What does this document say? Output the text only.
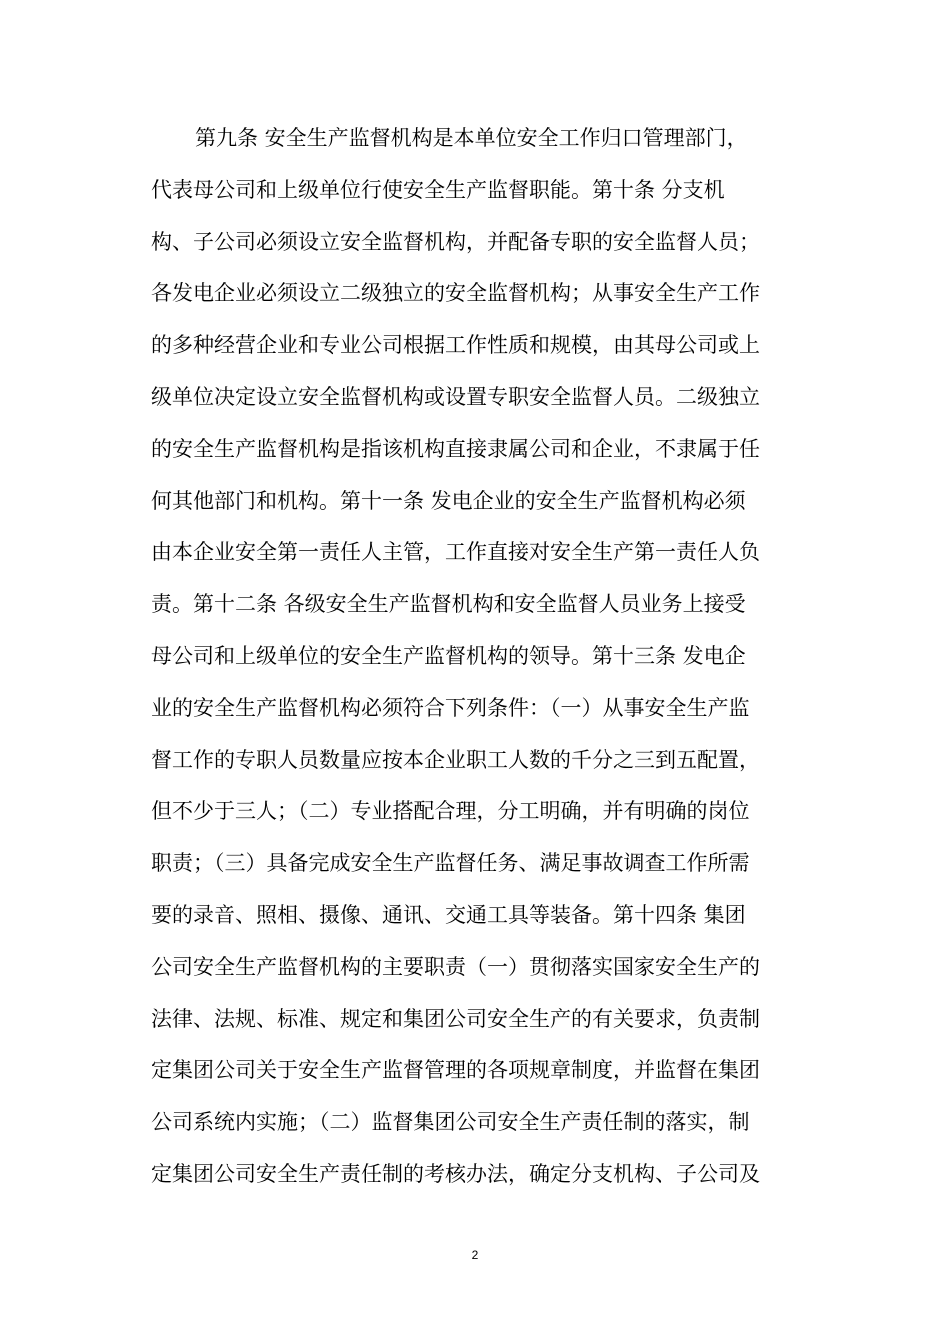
第九条 安全生产监督机构是本单位安全工作归口管理部门，
代表母公司和上级单位行使安全生产监督职能。第十条 分支机
构、子公司必须设立安全监督机构，并配备专职的安全监督人员；
各发电企业必须设立二级独立的安全监督机构；从事安全生产工作
的多种经营企业和专业公司根据工作性质和规模，由其母公司或上
级单位决定设立安全监督机构或设置专职安全监督人员。二级独立
的安全生产监督机构是指该机构直接隶属公司和企业，不隶属于任
何其他部门和机构。第十一条 发电企业的安全生产监督机构必须
由本企业安全第一责任人主管，工作直接对安全生产第一责任人负
责。第十二条 各级安全生产监督机构和安全监督人员业务上接受
母公司和上级单位的安全生产监督机构的领导。第十三条 发电企
业的安全生产监督机构必须符合下列条件：（一）从事安全生产监
督工作的专职人员数量应按本企业职工人数的千分之三到五配置，
但不少于三人；（二）专业搭配合理，分工明确，并有明确的岗位
职责；（三）具备完成安全生产监督任务、满足事故调查工作所需
要的录音、照相、摄像、通讯、交通工具等装备。第十四条 集团
公司安全生产监督机构的主要职责（一）贯彻落实国家安全生产的
法律、法规、标准、规定和集团公司安全生产的有关要求，负责制
定集团公司关于安全生产监督管理的各项规章制度，并监督在集团
公司系统内实施；（二）监督集团公司安全生产责任制的落实，制
定集团公司安全生产责任制的考核办法，确定分支机构、子公司及
2
